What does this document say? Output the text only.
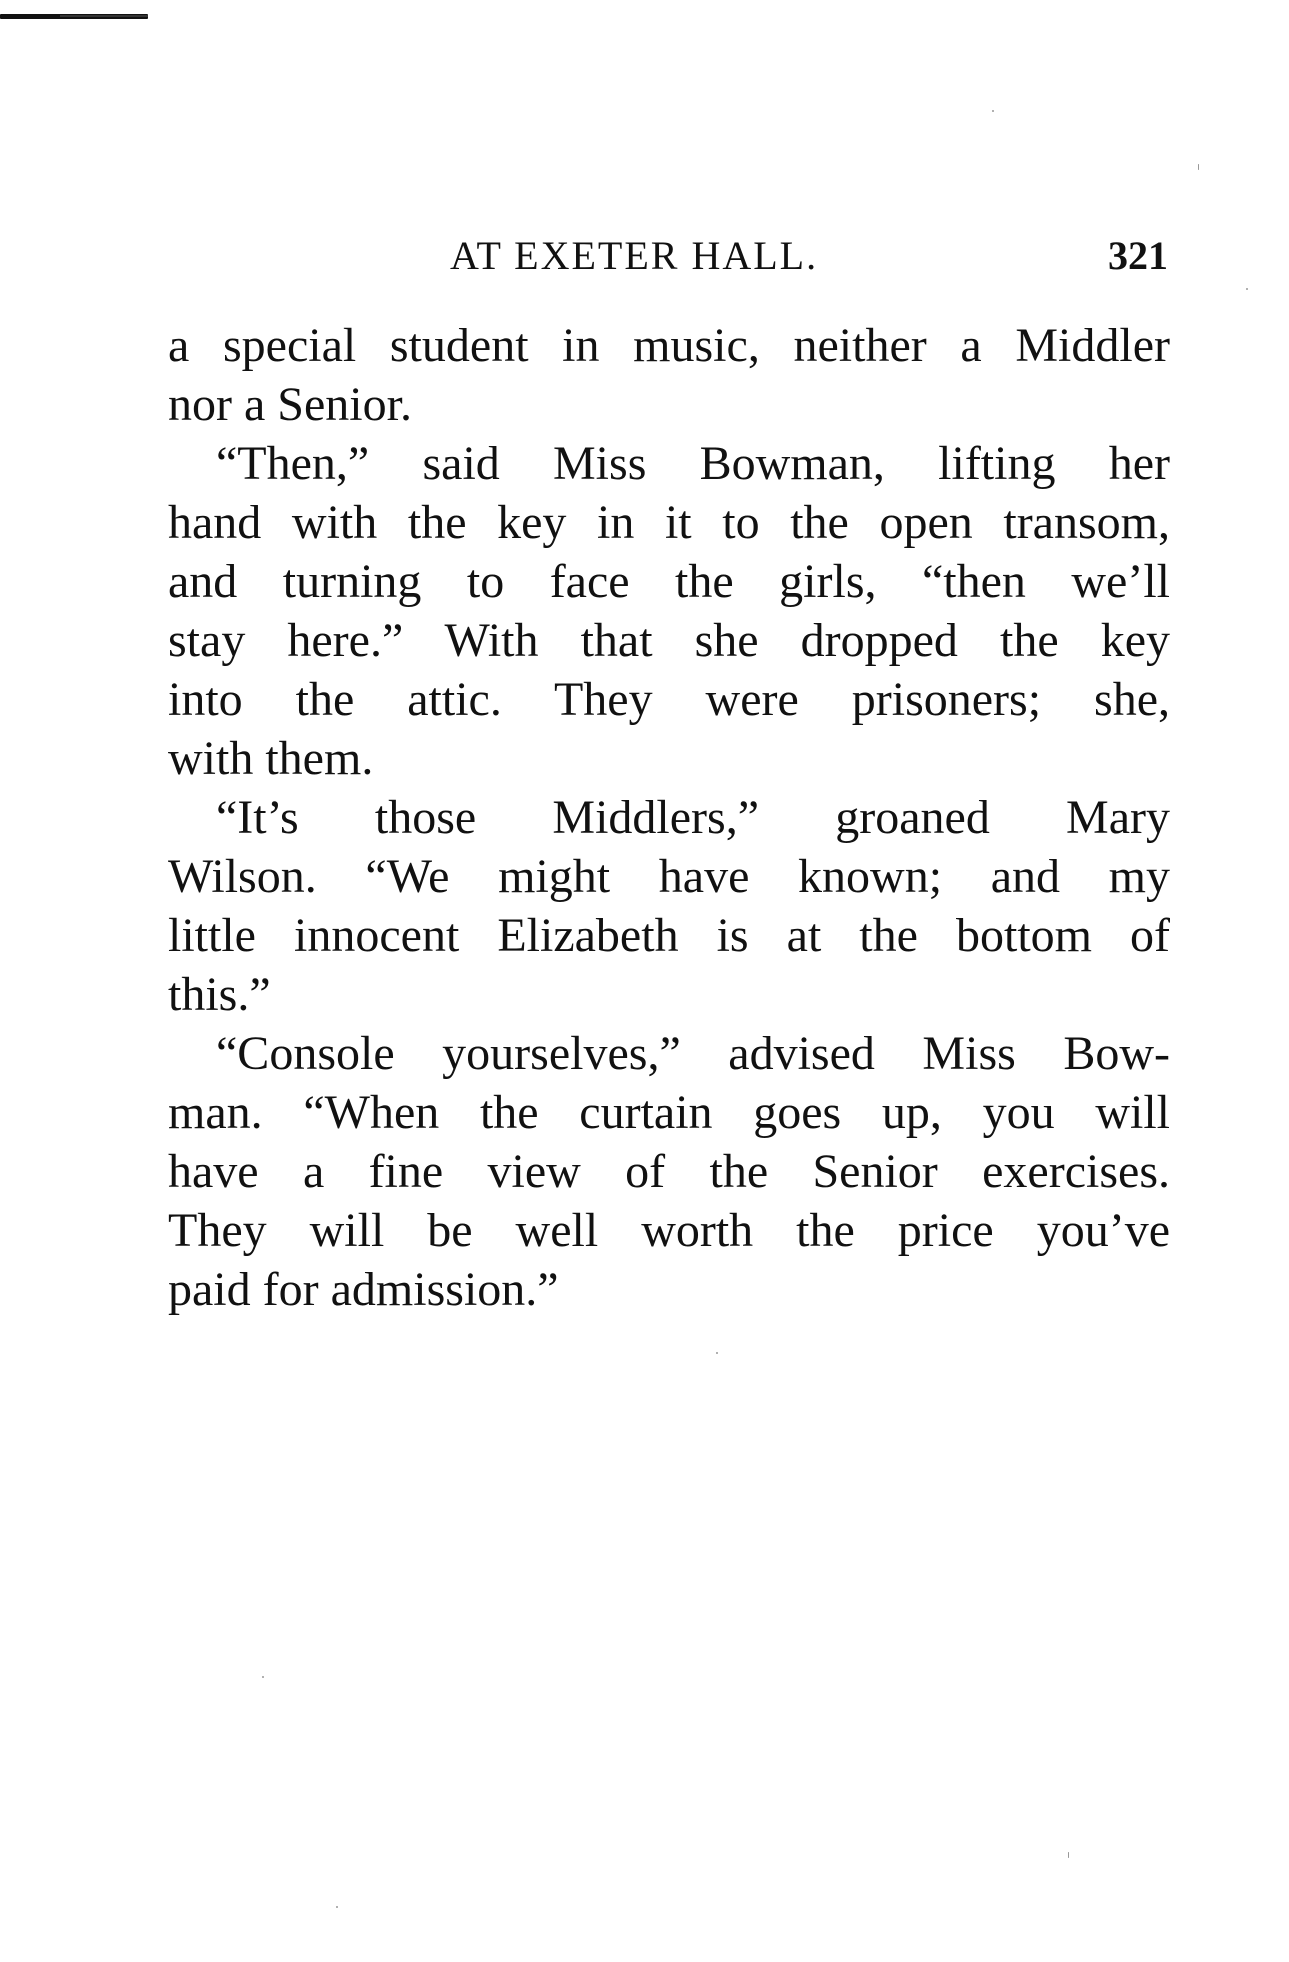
AT EXETER HALL.	321

a special student in music, neither a Middler
nor a Senior.

“Then,” said Miss Bowman, lifting her
hand with the key in it to the open transom,
and turning to face the girls, “then we’ll
stay here.” With that she dropped the key
into the attic. They were prisoners; she,
with them.

“It’s those Middlers,” groaned Mary
Wilson. “We might have known; and my
little innocent Elizabeth is at the bottom of
this.”

“Console yourselves,” advised Miss Bow-
man. “When the curtain goes up, you will
have a fine view of the Senior exercises.
They will be well worth the price you’ve
paid for admission.”
